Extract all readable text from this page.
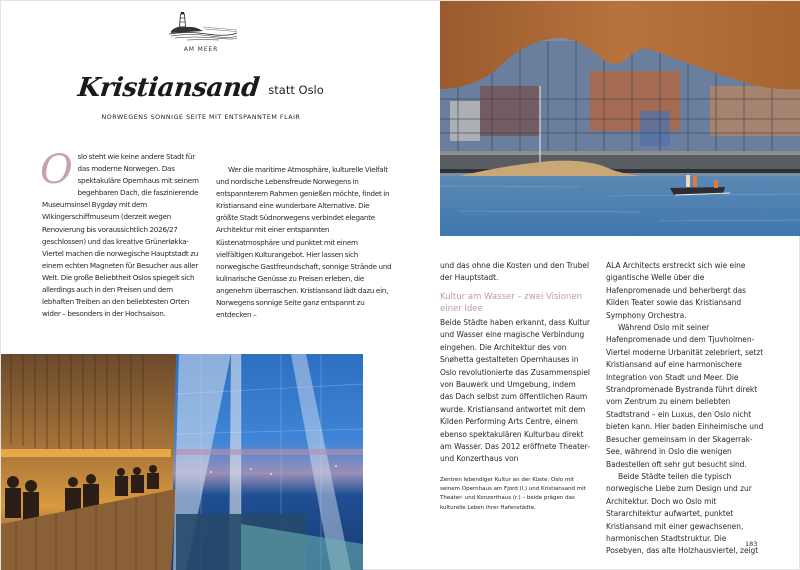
AM MEER
Kristiansand statt Oslo
NORWEGENS SONNIGE SEITE MIT ENTSPANNTEM FLAIR
O slo steht wie keine andere Stadt für das moderne Norwegen. Das spektakuläre Opernhaus mit seinem begehbaren Dach, die faszinierende Museumsinsel Bygdøy mit dem Wikingerschiffmuseum (derzeit wegen Renovierung bis voraussichtlich 2026/27 geschlossen) und das kreative Grünerløkka-Viertel machen die norwegische Hauptstadt zu einem echten Magneten für Besucher aus aller Welt. Die große Beliebtheit Oslos spiegelt sich allerdings auch in den Preisen und dem lebhaften Treiben an den beliebtesten Orten wider – besonders in der Hochsaison.

Wer die maritime Atmosphäre, kulturelle Vielfalt und nordische Lebensfreude Norwegens in entspannterem Rahmen genießen möchte, findet in Kristiansand eine wunderbare Alternative. Die größte Stadt Südnorwegens verbindet elegante Architektur mit einer entspannten Küstenatmosphäre und punktet mit einem vielfältigen Kulturangebot. Hier lassen sich norwegische Gastfreundschaft, sonnige Strände und kulinarische Genüsse zu Preisen erleben, die angenehm überraschen. Kristiansand lädt dazu ein, Norwegens sonnige Seite ganz entspannt zu entdecken –

und das ohne die Kosten und den Trubel der Hauptstadt.

Kultur am Wasser – zwei Visionen einer Idee

Beide Städte haben erkannt, dass Kultur und Wasser eine magische Verbindung eingehen. Die Architektur des von Snøhetta gestalteten Opernhauses in Oslo revolutionierte das Zusammenspiel von Bauwerk und Umgebung, indem das Dach selbst zum öffentlichen Raum wurde. Kristiansand antwortet mit dem Kilden Performing Arts Centre, einem ebenso spektakulären Kulturbau direkt am Wasser. Das 2012 eröffnete Theater- und Konzerthaus von

Zentren lebendiger Kultur an der Küste: Oslo mit seinem Opernhaus am Fjord (l.) und Kristiansand mit Theater- und Konzerthaus (r.) – beide prägen das kulturelle Leben ihrer Hafenstädte.

ALA Architects erstreckt sich wie eine gigantische Welle über die Hafenpromenade und beherbergt das Kilden Teater sowie das Kristiansand Symphony Orchestra.

Während Oslo mit seiner Hafenpromenade und dem Tjuvholmen-Viertel moderne Urbanität zelebriert, setzt Kristiansand auf eine harmonischere Integration von Stadt und Meer. Die Strandpromenade Bystranda führt direkt vom Zentrum zu einem beliebten Stadtstrand – ein Luxus, den Oslo nicht bieten kann. Hier baden Einheimische und Besucher gemeinsam in der Skagerrak-See, während in Oslo die wenigen Badestellen oft sehr gut besucht sind.

Beide Städte teilen die typisch norwegische Liebe zum Design und zur Architektur. Doch wo Oslo mit Stararchitektur aufwartet, punktet Kristiansand mit einer gewachsenen, harmonischen Stadtstruktur. Die Posebyen, das alte Holzhausviertel, zeigt

183
